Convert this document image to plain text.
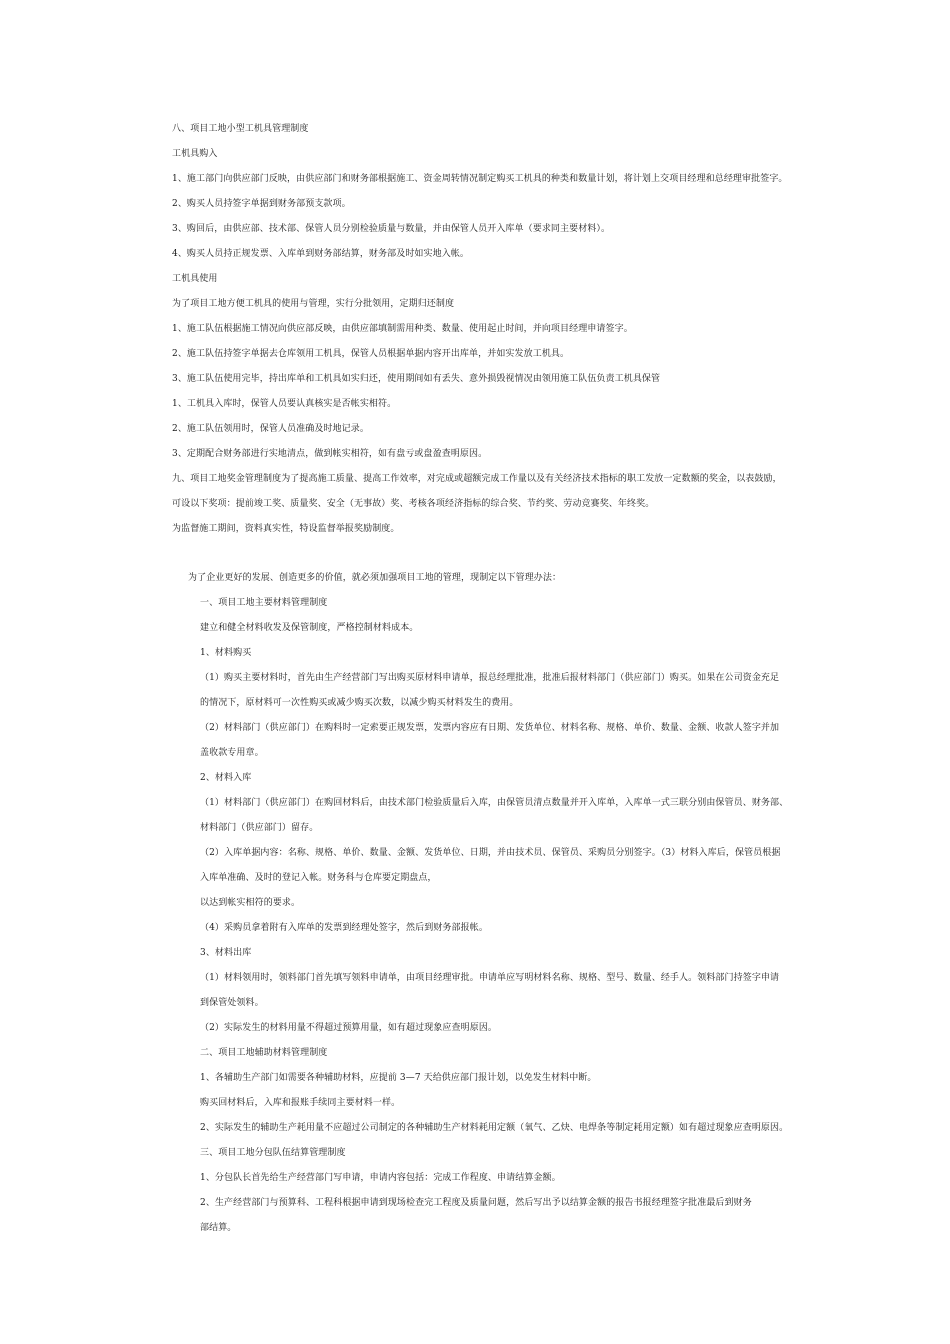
八、项目工地小型工机具管理制度
工机具购入
1、施工部门向供应部门反映，由供应部门和财务部根据施工、资金周转情况制定购买工机具的种类和数量计划，将计划上交项目经理和总经理审批签字。
2、购买人员持签字单据到财务部预支款项。
3、购回后，由供应部、技术部、保管人员分别检验质量与数量，并由保管人员开入库单（要求同主要材料）。
4、购买人员持正规发票、入库单到财务部结算，财务部及时如实地入帐。
工机具使用
为了项目工地方便工机具的使用与管理，实行分批领用，定期归还制度
1、施工队伍根据施工情况向供应部反映，由供应部填制需用种类、数量、使用起止时间，并向项目经理申请签字。
2、施工队伍持签字单据去仓库领用工机具，保管人员根据单据内容开出库单，并如实发放工机具。
3、施工队伍使用完毕，持出库单和工机具如实归还，使用期间如有丢失、意外损毁视情况由领用施工队伍负责工机具保管
1、工机具入库时，保管人员要认真核实是否帐实相符。
2、施工队伍领用时，保管人员准确及时地记录。
3、定期配合财务部进行实地清点，做到帐实相符，如有盘亏或盘盈查明原因。
九、项目工地奖金管理制度为了提高施工质量、提高工作效率，对完成或超额完成工作量以及有关经济技术指标的职工发放一定数额的奖金，以表鼓励，
可设以下奖项：提前竣工奖、质量奖、安全（无事故）奖、考核各项经济指标的综合奖、节约奖、劳动竞赛奖、年终奖。
为监督施工期间，资料真实性，特设监督举报奖励制度。
为了企业更好的发展、创造更多的价值，就必须加强项目工地的管理，现制定以下管理办法：
一、项目工地主要材料管理制度
建立和健全材料收发及保管制度，严格控制材料成本。
1、材料购买
（1）购买主要材料时，首先由生产经营部门写出购买原材料申请单，报总经理批准，批准后报材料部门（供应部门）购买。如果在公司资金充足
的情况下，原材料可一次性购买或减少购买次数，以减少购买材料发生的费用。
（2）材料部门（供应部门）在购料时一定索要正规发票，发票内容应有日期、发货单位、材料名称、规格、单价、数量、金额、收款人签字并加
盖收款专用章。
2、材料入库
（1）材料部门（供应部门）在购回材料后，由技术部门检验质量后入库，由保管员清点数量并开入库单，入库单一式三联分别由保管员、财务部、
材料部门（供应部门）留存。
（2）入库单据内容：名称、规格、单价、数量、金额、发货单位、日期，并由技术员、保管员、采购员分别签字。（3）材料入库后，保管员根据
入库单准确、及时的登记入帐。财务科与仓库要定期盘点，
以达到帐实相符的要求。
（4）采购员拿着附有入库单的发票到经理处签字，然后到财务部报帐。
3、材料出库
（1）材料领用时，领料部门首先填写领料申请单，由项目经理审批。申请单应写明材料名称、规格、型号、数量、经手人。领料部门持签字申请
到保管处领料。
（2）实际发生的材料用量不得超过预算用量，如有超过现象应查明原因。
二、项目工地辅助材料管理制度
1、各辅助生产部门如需要各种辅助材料，应提前 3—7 天给供应部门报计划，以免发生材料中断。
购买回材料后，入库和报账手续同主要材料一样。
2、实际发生的辅助生产耗用量不应超过公司制定的各种辅助生产材料耗用定额（氧气、乙炔、电焊条等制定耗用定额）如有超过现象应查明原因。
三、项目工地分包队伍结算管理制度
1、分包队长首先给生产经营部门写申请，申请内容包括：完成工作程度、申请结算金额。
2、生产经营部门与预算科、工程科根据申请到现场检查完工程度及质量问题，然后写出予以结算金额的报告书报经理签字批准最后到财务
部结算。
